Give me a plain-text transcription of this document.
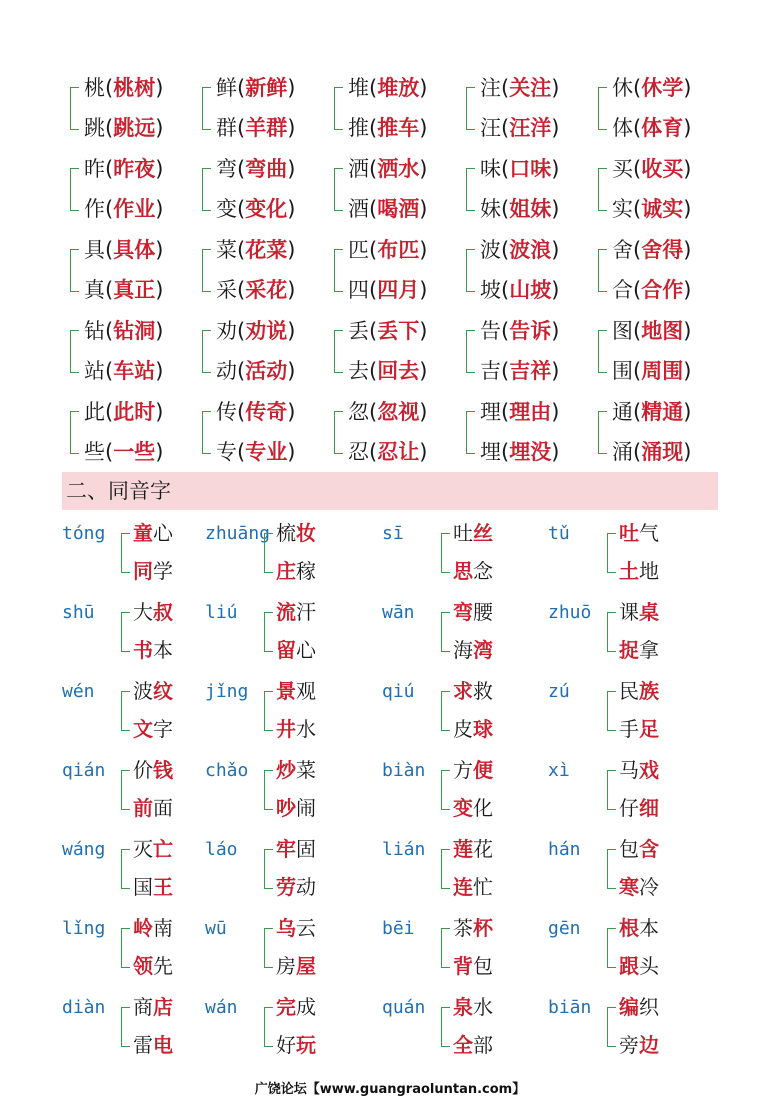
桃(桃树)
跳(跳远)
鲜(新鲜)
群(羊群)
堆(堆放)
推(推车)
注(关注)
汪(汪洋)
休(休学)
体(体育)
昨(昨夜)
作(作业)
弯(弯曲)
变(变化)
洒(洒水)
酒(喝酒)
味(口味)
妹(姐妹)
买(收买)
实(诚实)
具(具体)
真(真正)
菜(花菜)
采(采花)
匹(布匹)
四(四月)
波(波浪)
坡(山坡)
舍(舍得)
合(合作)
钻(钻洞)
站(车站)
劝(劝说)
动(活动)
丢(丢下)
去(回去)
告(告诉)
吉(吉祥)
图(地图)
围(周围)
此(此时)
些(一些)
传(传奇)
专(专业)
忽(忽视)
忍(忍让)
理(理由)
埋(埋没)
通(精通)
涌(涌现)
二、同音字
tóng 童心
同学
zhuāng 梳妆
庄稼
sī 吐丝
思念
tǔ 吐气
土地
shū 大叔
书本
liú 流汗
留心
wān 弯腰
海湾
zhuō 课桌
捉拿
wén 波纹
文字
jǐng 景观
井水
qiú 求救
皮球
zú 民族
手足
qián 价钱
前面
chǎo 炒菜
吵闹
biàn 方便
变化
xì 马戏
仔细
wáng 灭亡
国王
láo 牢固
劳动
lián 莲花
连忙
hán 包含
寒冷
lǐng 岭南
领先
wū 乌云
房屋
bēi 茶杯
背包
gēn 根本
跟头
diàn 商店
雷电
wán 完成
好玩
quán 泉水
全部
biān 编织
旁边
广饶论坛【www.guangraoluntan.com】
